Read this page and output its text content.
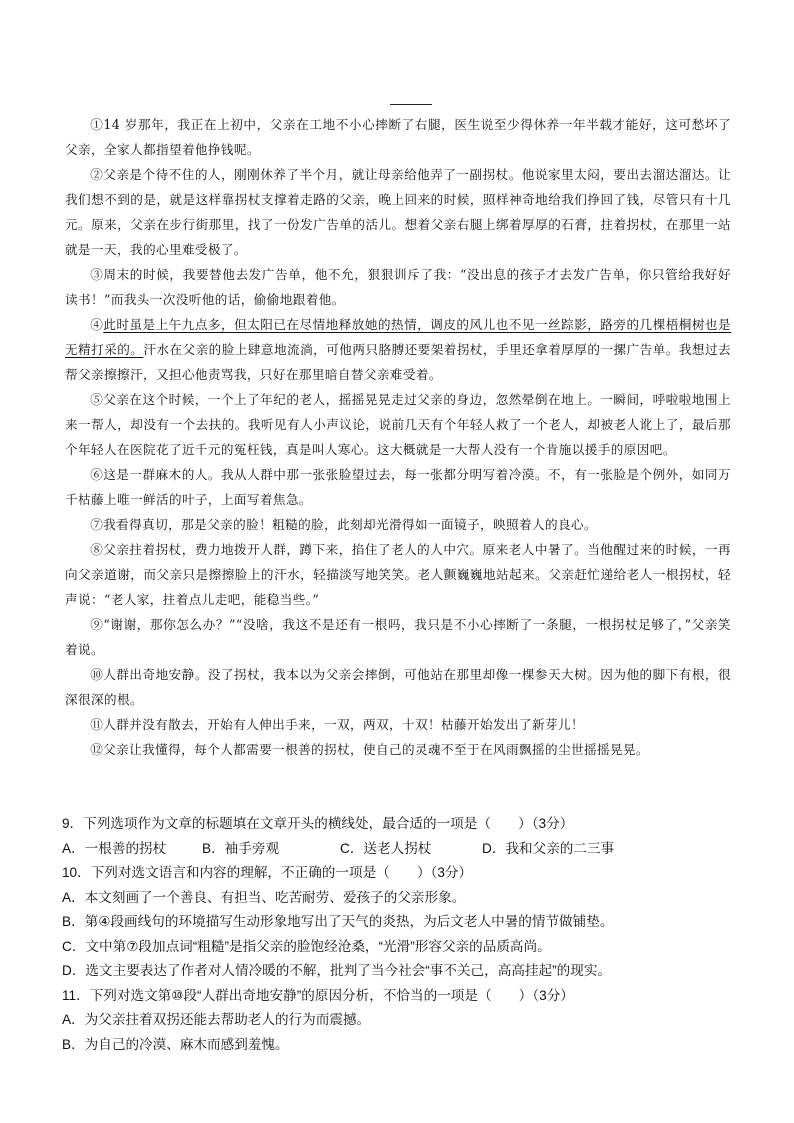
①14 岁那年，我正在上初中，父亲在工地不小心摔断了右腿，医生说至少得休养一年半载才能好，这可愁坏了父亲，全家人都指望着他挣钱呢。

②父亲是个待不住的人，刚刚休养了半个月，就让母亲给他弄了一副拐杖。他说家里太闷，要出去溜达溜达。让我们想不到的是，就是这样靠拐杖支撑着走路的父亲，晚上回来的时候，照样神奇地给我们挣回了钱，尽管只有十几元。原来，父亲在步行街那里，找了一份发广告单的活儿。想着父亲右腿上绑着厚厚的石膏，拄着拐杖，在那里一站就是一天，我的心里难受极了。

③周末的时候，我要替他去发广告单，他不允，狠狠训斥了我：“没出息的孩子才去发广告单，你只管给我好好读书！”而我头一次没听他的话，偷偷地跟着他。

④此时虽是上午九点多，但太阳已在尽情地释放她的热情，调皮的风儿也不见一丝踪影，路旁的几棵梧桐树也是无精打采的。汗水在父亲的脸上肆意地流淌，可他两只胳膊还要架着拐杖，手里还拿着厚厚的一摞广告单。我想过去帮父亲擦擦汗，又担心他责骂我，只好在那里暗自替父亲难受着。

⑤父亲在这个时候，一个上了年纪的老人，摇摇晃晃走过父亲的身边，忽然晕倒在地上。一瞬间，呼啦啦地围上来一帮人，却没有一个去扶的。我听见有人小声议论，说前几天有个年轻人救了一个老人，却被老人讹上了，最后那个年轻人在医院花了近千元的冤枉钱，真是叫人寒心。这大概就是一大帮人没有一个肯施以援手的原因吧。

⑥这是一群麻木的人。我从人群中那一张张脸望过去，每一张都分明写着冷漠。不，有一张脸是个例外，如同万千枯藤上唯一鲜活的叶子，上面写着焦急。

⑦我看得真切，那是父亲的脸！粗糙的脸，此刻却光滑得如一面镜子，映照着人的良心。

⑧父亲拄着拐杖，费力地拨开人群，蹲下来，掐住了老人的人中穴。原来老人中暑了。当他醒过来的时候，一再向父亲道谢，而父亲只是擦擦脸上的汗水，轻描淡写地笑笑。老人颤巍巍地站起来。父亲赶忙递给老人一根拐杖，轻声说：“老人家，拄着点儿走吧，能稳当些。”

⑨“谢谢，那你怎么办？”“没啥，我这不是还有一根吗，我只是不小心摔断了一条腿，一根拐杖足够了，”父亲笑着说。

⑩人群出奇地安静。没了拐杖，我本以为父亲会摔倒，可他站在那里却像一棵参天大树。因为他的脚下有根，很深很深的根。

⑪人群并没有散去，开始有人伸出手来，一双，两双，十双！枯藤开始发出了新芽儿！

⑫父亲让我懂得，每个人都需要一根善的拐杖，使自己的灵魂不至于在风雨飘摇的尘世摇摇晃晃。

9．下列选项作为文章的标题填在文章开头的横线处，最合适的一项是（　　）（3分）
A．一根善的拐杖	B．袖手旁观	C．送老人拐杖	D．我和父亲的二三事
10．下列对选文语言和内容的理解，不正确的一项是（　　）（3分）
A．本文刻画了一个善良、有担当、吃苦耐劳、爱孩子的父亲形象。
B．第④段画线句的环境描写生动形象地写出了天气的炎热，为后文老人中暑的情节做铺垫。
C．文中第⑦段加点词“粗糙”是指父亲的脸饱经沧桑，“光滑”形容父亲的品质高尚。
D．选文主要表达了作者对人情冷暖的不解，批判了当今社会“事不关己，高高挂起”的现实。
11．下列对选文第⑩段“人群出奇地安静”的原因分析，不恰当的一项是（　　）（3分）
A．为父亲拄着双拐还能去帮助老人的行为而震撼。
B．为自己的冷漠、麻木而感到羞愧。
